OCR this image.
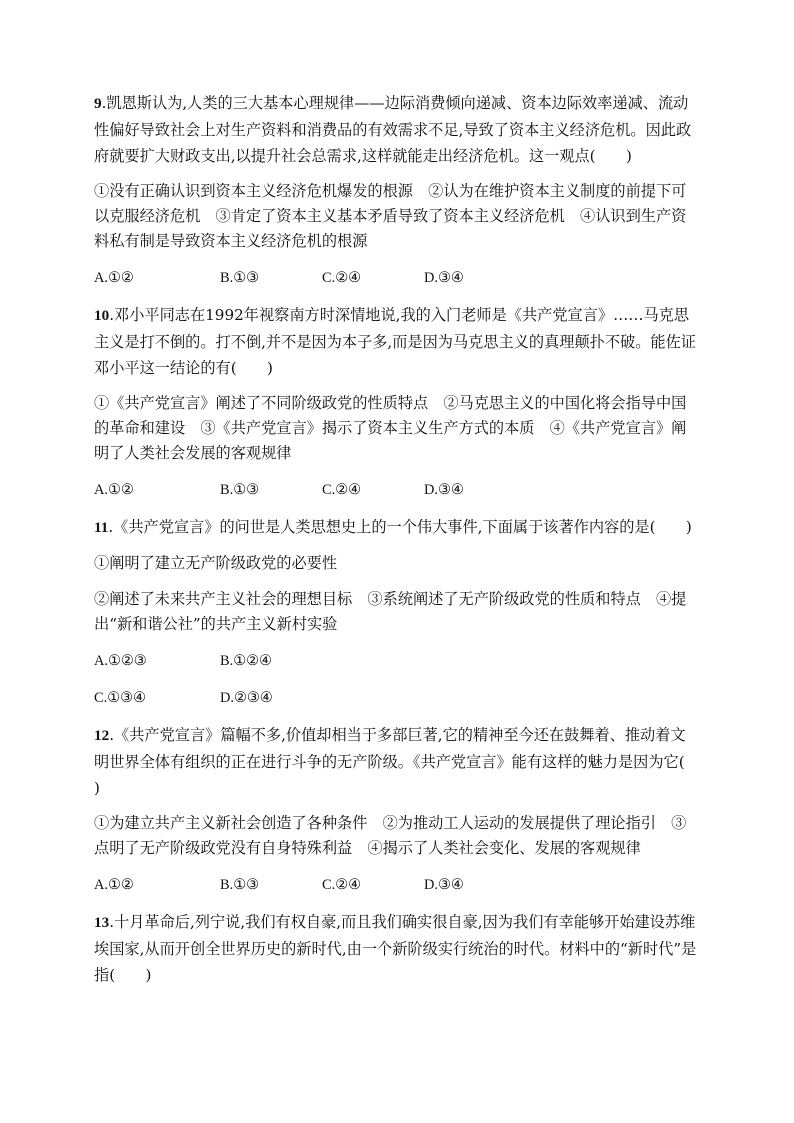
9.凯恩斯认为,人类的三大基本心理规律——边际消费倾向递减、资本边际效率递减、流动性偏好导致社会上对生产资料和消费品的有效需求不足,导致了资本主义经济危机。因此政府就要扩大财政支出,以提升社会总需求,这样就能走出经济危机。这一观点(　　)

①没有正确认识到资本主义经济危机爆发的根源　②认为在维护资本主义制度的前提下可以克服经济危机　③肯定了资本主义基本矛盾导致了资本主义经济危机　④认识到生产资料私有制是导致资本主义经济危机的根源

A.①②	B.①③	C.②④	D.③④

10.邓小平同志在1992年视察南方时深情地说,我的入门老师是《共产党宣言》……马克思主义是打不倒的。打不倒,并不是因为本子多,而是因为马克思主义的真理颠扑不破。能佐证邓小平这一结论的有(　　)

①《共产党宣言》阐述了不同阶级政党的性质特点　②马克思主义的中国化将会指导中国的革命和建设　③《共产党宣言》揭示了资本主义生产方式的本质　④《共产党宣言》阐明了人类社会发展的客观规律

A.①②	B.①③	C.②④	D.③④

11.《共产党宣言》的问世是人类思想史上的一个伟大事件,下面属于该著作内容的是(　　)

①阐明了建立无产阶级政党的必要性

②阐述了未来共产主义社会的理想目标　③系统阐述了无产阶级政党的性质和特点　④提出“新和谐公社”的共产主义新村实验

A.①②③	B.①②④
C.①③④	D.②③④

12.《共产党宣言》篇幅不多,价值却相当于多部巨著,它的精神至今还在鼓舞着、推动着文明世界全体有组织的正在进行斗争的无产阶级。《共产党宣言》能有这样的魅力是因为它(　　)

①为建立共产主义新社会创造了各种条件　②为推动工人运动的发展提供了理论指引　③点明了无产阶级政党没有自身特殊利益　④揭示了人类社会变化、发展的客观规律

A.①②	B.①③	C.②④	D.③④

13.十月革命后,列宁说,我们有权自豪,而且我们确实很自豪,因为我们有幸能够开始建设苏维埃国家,从而开创全世界历史的新时代,由一个新阶级实行统治的时代。材料中的“新时代”是指(　　)
